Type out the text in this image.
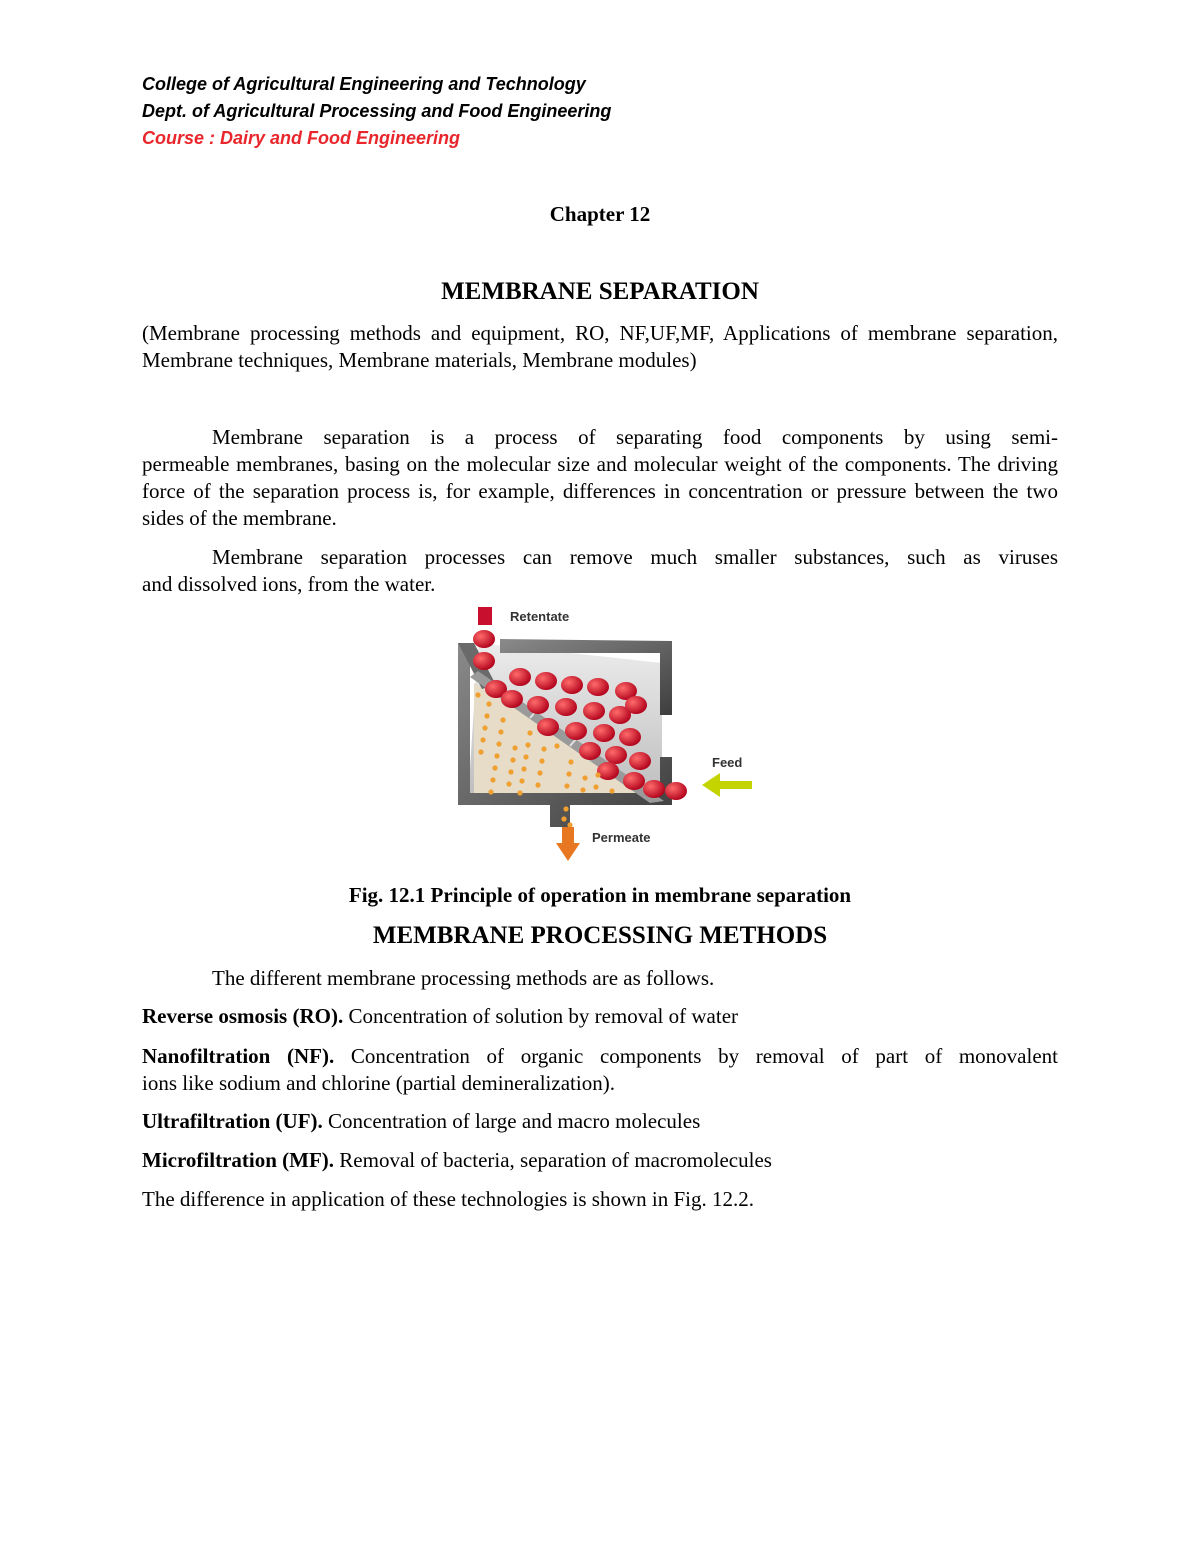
College of Agricultural Engineering and Technology
Dept. of Agricultural Processing and Food Engineering
Course : Dairy and Food Engineering
Chapter 12
MEMBRANE SEPARATION
(Membrane processing methods and equipment, RO, NF,UF,MF, Applications of membrane separation, Membrane techniques, Membrane materials, Membrane modules)
Membrane separation is a process of separating food components by using semi-
permeable membranes, basing on the molecular size and molecular weight of the components. The driving force of the separation process is, for example, differences in concentration or pressure between the two sides of the membrane.
Membrane separation processes can remove much smaller substances, such as viruses
and dissolved ions, from the water.
Retentate
Feed
Permeate
Fig. 12.1 Principle of operation in membrane separation
MEMBRANE PROCESSING METHODS
The different membrane processing methods are as follows.
Reverse osmosis (RO). Concentration of solution by removal of water
Nanofiltration (NF). Concentration of organic components by removal of part of monovalent
ions like sodium and chlorine (partial demineralization).
Ultrafiltration (UF). Concentration of large and macro molecules
Microfiltration (MF). Removal of bacteria, separation of macromolecules
The difference in application of these technologies is shown in Fig. 12.2.
